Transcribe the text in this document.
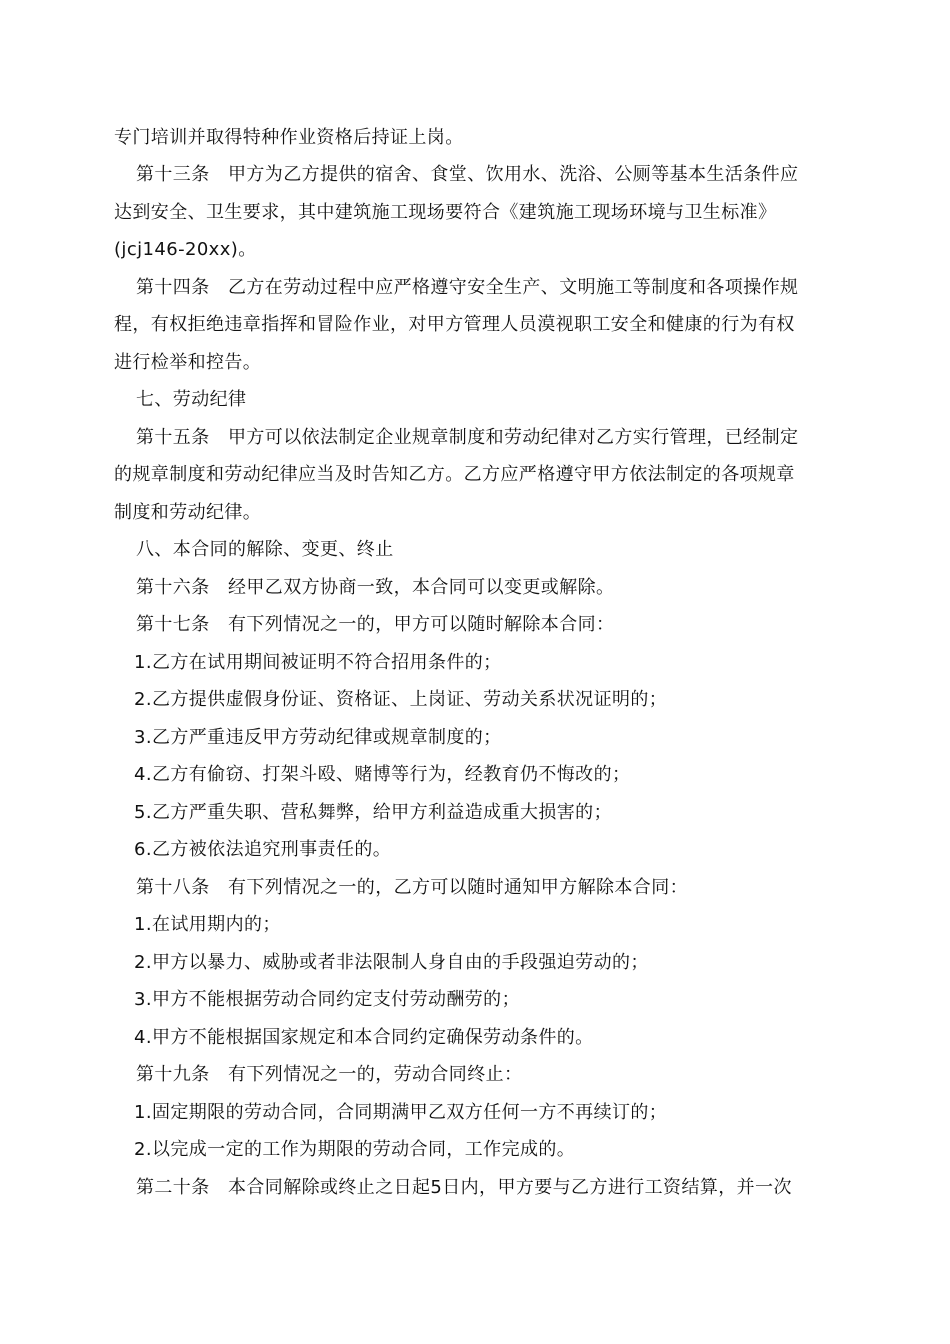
专门培训并取得特种作业资格后持证上岗。
第十三条　甲方为乙方提供的宿舍、食堂、饮用水、洗浴、公厕等基本生活条件应
达到安全、卫生要求，其中建筑施工现场要符合《建筑施工现场环境与卫生标准》
(jcj146-20xx)。
第十四条　乙方在劳动过程中应严格遵守安全生产、文明施工等制度和各项操作规
程，有权拒绝违章指挥和冒险作业，对甲方管理人员漠视职工安全和健康的行为有权
进行检举和控告。
七、劳动纪律
第十五条　甲方可以依法制定企业规章制度和劳动纪律对乙方实行管理，已经制定
的规章制度和劳动纪律应当及时告知乙方。乙方应严格遵守甲方依法制定的各项规章
制度和劳动纪律。
八、本合同的解除、变更、终止
第十六条　经甲乙双方协商一致，本合同可以变更或解除。
第十七条　有下列情况之一的，甲方可以随时解除本合同：
1.乙方在试用期间被证明不符合招用条件的；
2.乙方提供虚假身份证、资格证、上岗证、劳动关系状况证明的；
3.乙方严重违反甲方劳动纪律或规章制度的；
4.乙方有偷窃、打架斗殴、赌博等行为，经教育仍不悔改的；
5.乙方严重失职、营私舞弊，给甲方利益造成重大损害的；
6.乙方被依法追究刑事责任的。
第十八条　有下列情况之一的，乙方可以随时通知甲方解除本合同：
1.在试用期内的；
2.甲方以暴力、威胁或者非法限制人身自由的手段强迫劳动的；
3.甲方不能根据劳动合同约定支付劳动酬劳的；
4.甲方不能根据国家规定和本合同约定确保劳动条件的。
第十九条　有下列情况之一的，劳动合同终止：
1.固定期限的劳动合同，合同期满甲乙双方任何一方不再续订的；
2.以完成一定的工作为期限的劳动合同，工作完成的。
第二十条　本合同解除或终止之日起5日内，甲方要与乙方进行工资结算，并一次
